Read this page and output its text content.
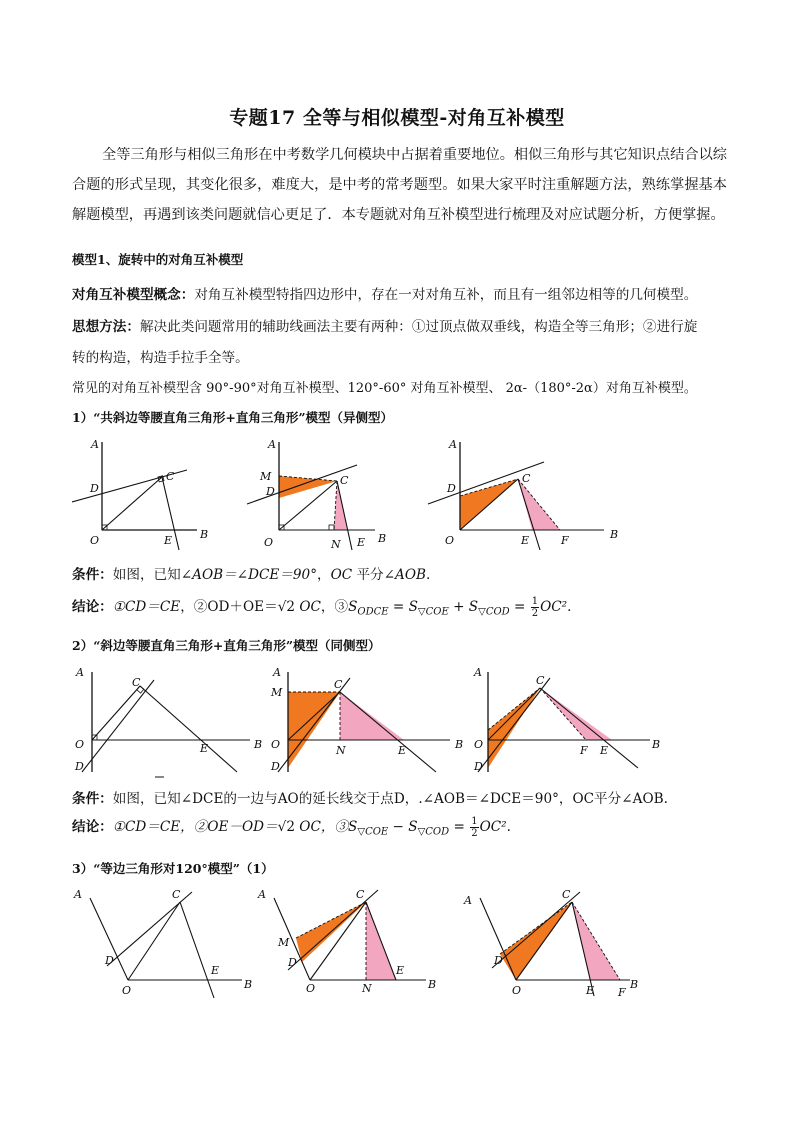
专题17 全等与相似模型-对角互补模型
全等三角形与相似三角形在中考数学几何模块中占据着重要地位。相似三角形与其它知识点结合以综合题的形式呈现，其变化很多，难度大，是中考的常考题型。如果大家平时注重解题方法，熟练掌握基本解题模型，再遇到该类问题就信心更足了．本专题就对角互补模型进行梳理及对应试题分析，方便掌握。
模型1、旋转中的对角互补模型
对角互补模型概念：对角互补模型特指四边形中，存在一对对角互补，而且有一组邻边相等的几何模型。
思想方法：解决此类问题常用的辅助线画法主要有两种：①过顶点做双垂线，构造全等三角形；②进行旋
转的构造，构造手拉手全等。
常见的对角互补模型含 90°-90°对角互补模型、120°-60° 对角互补模型、 2α-（180°-2α）对角互补模型。
1）“共斜边等腰直角三角形+直角三角形”模型（异侧型）
A
D
C
O	E	B
A
M
D
C
O	N E B
A
D
C
O	E	F	B
条件：如图，已知∠AOB＝∠DCE＝90°，OC 平分∠AOB.
结论：①CD＝CE，②OD＋OE＝√2 OC，$③S_{ODCE} = S_{▽COE} + S_{▽COD} = \frac{1}{2} OC^2$.
2）“斜边等腰直角三角形+直角三角形”模型（同侧型）
A
C
O
D
E	B
A
M
C
O
D
N	E	B
A
C
O
D
F E	B
条件：如图，已知∠DCE的一边与AO的延长线交于点D，.∠AOB＝∠DCE＝90°，OC平分∠AOB.
结论：①CD＝CE，②OE－OD＝√2 OC，$③S_{▽COE} - S_{▽COD} = \frac{1}{2} OC^2$.
3）“等边三角形对120°模型”（1）
A	C
D
O
E
B
A
M
D
C
O	N
E
B
A	C
D
O	E F
B
